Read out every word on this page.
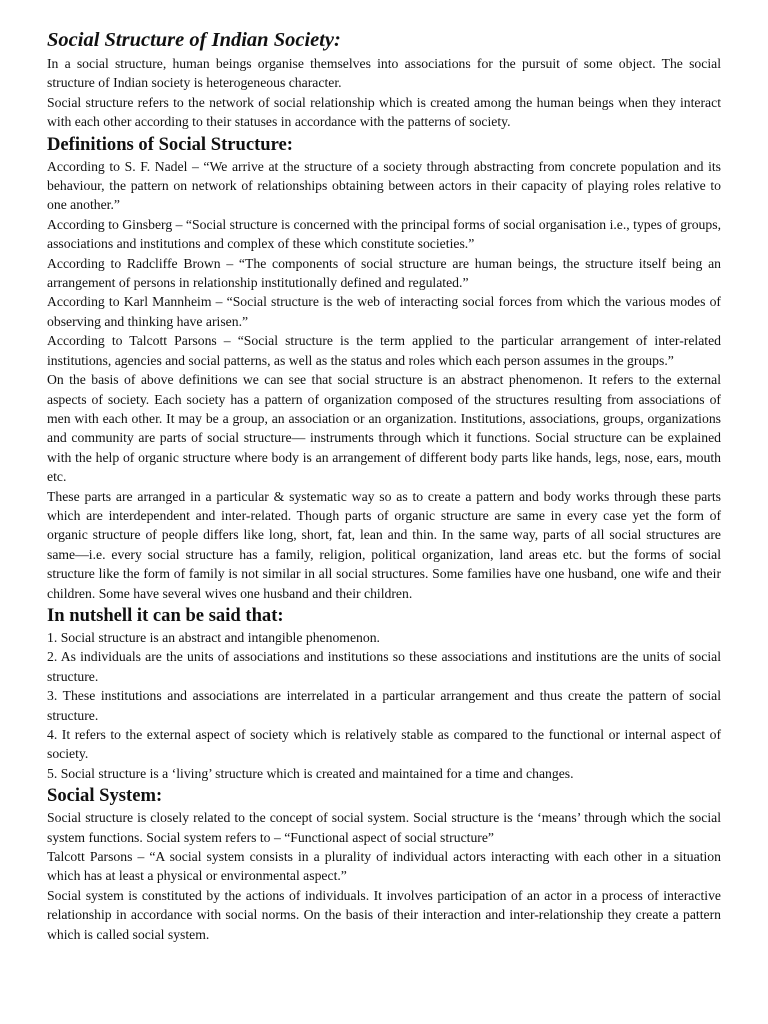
Social Structure of Indian Society:

In a social structure, human beings organise themselves into associations for the pursuit of some object. The social structure of Indian society is heterogeneous character.

Social structure refers to the network of social relationship which is created among the human beings when they interact with each other according to their statuses in accordance with the patterns of society.

Definitions of Social Structure:

According to S. F. Nadel – “We arrive at the structure of a society through abstracting from concrete population and its behaviour, the pattern on network of relationships obtaining between actors in their capacity of playing roles relative to one another.”

According to Ginsberg – “Social structure is concerned with the principal forms of social organisation i.e., types of groups, associations and institutions and complex of these which constitute societies.”

According to Radcliffe Brown – “The components of social structure are human beings, the structure itself being an arrangement of persons in relationship institutionally defined and regulated.”

According to Karl Mannheim – “Social structure is the web of interacting social forces from which the various modes of observing and thinking have arisen.”

According to Talcott Parsons – “Social structure is the term applied to the particular arrangement of inter-related institutions, agencies and social patterns, as well as the status and roles which each person assumes in the groups.”

On the basis of above definitions we can see that social structure is an abstract phenomenon. It refers to the external aspects of society. Each society has a pattern of organization composed of the structures resulting from associations of men with each other. It may be a group, an association or an organization. Institutions, associations, groups, organizations and community are parts of social structure— instruments through which it functions. Social structure can be explained with the help of organic structure where body is an arrangement of different body parts like hands, legs, nose, ears, mouth etc.

These parts are arranged in a particular & systematic way so as to create a pattern and body works through these parts which are interdependent and inter-related. Though parts of organic structure are same in every case yet the form of organic structure of people differs like long, short, fat, lean and thin. In the same way, parts of all social structures are same—i.e. every social structure has a family, religion, political organization, land areas etc. but the forms of social structure like the form of family is not similar in all social structures. Some families have one husband, one wife and their children. Some have several wives one husband and their children.

In nutshell it can be said that:

1. Social structure is an abstract and intangible phenomenon.

2. As individuals are the units of associations and institutions so these associations and institutions are the units of social structure.

3. These institutions and associations are interrelated in a particular arrangement and thus create the pattern of social structure.

4. It refers to the external aspect of society which is relatively stable as compared to the functional or internal aspect of society.

5. Social structure is a ‘living’ structure which is created and maintained for a time and changes.

Social System:

Social structure is closely related to the concept of social system. Social structure is the ‘means’ through which the social system functions. Social system refers to – “Functional aspect of social structure”

Talcott Parsons – “A social system consists in a plurality of individual actors interacting with each other in a situation which has at least a physical or environmental aspect.”

Social system is constituted by the actions of individuals. It involves participation of an actor in a process of interactive relationship in accordance with social norms. On the basis of their interaction and inter-relationship they create a pattern which is called social system.
